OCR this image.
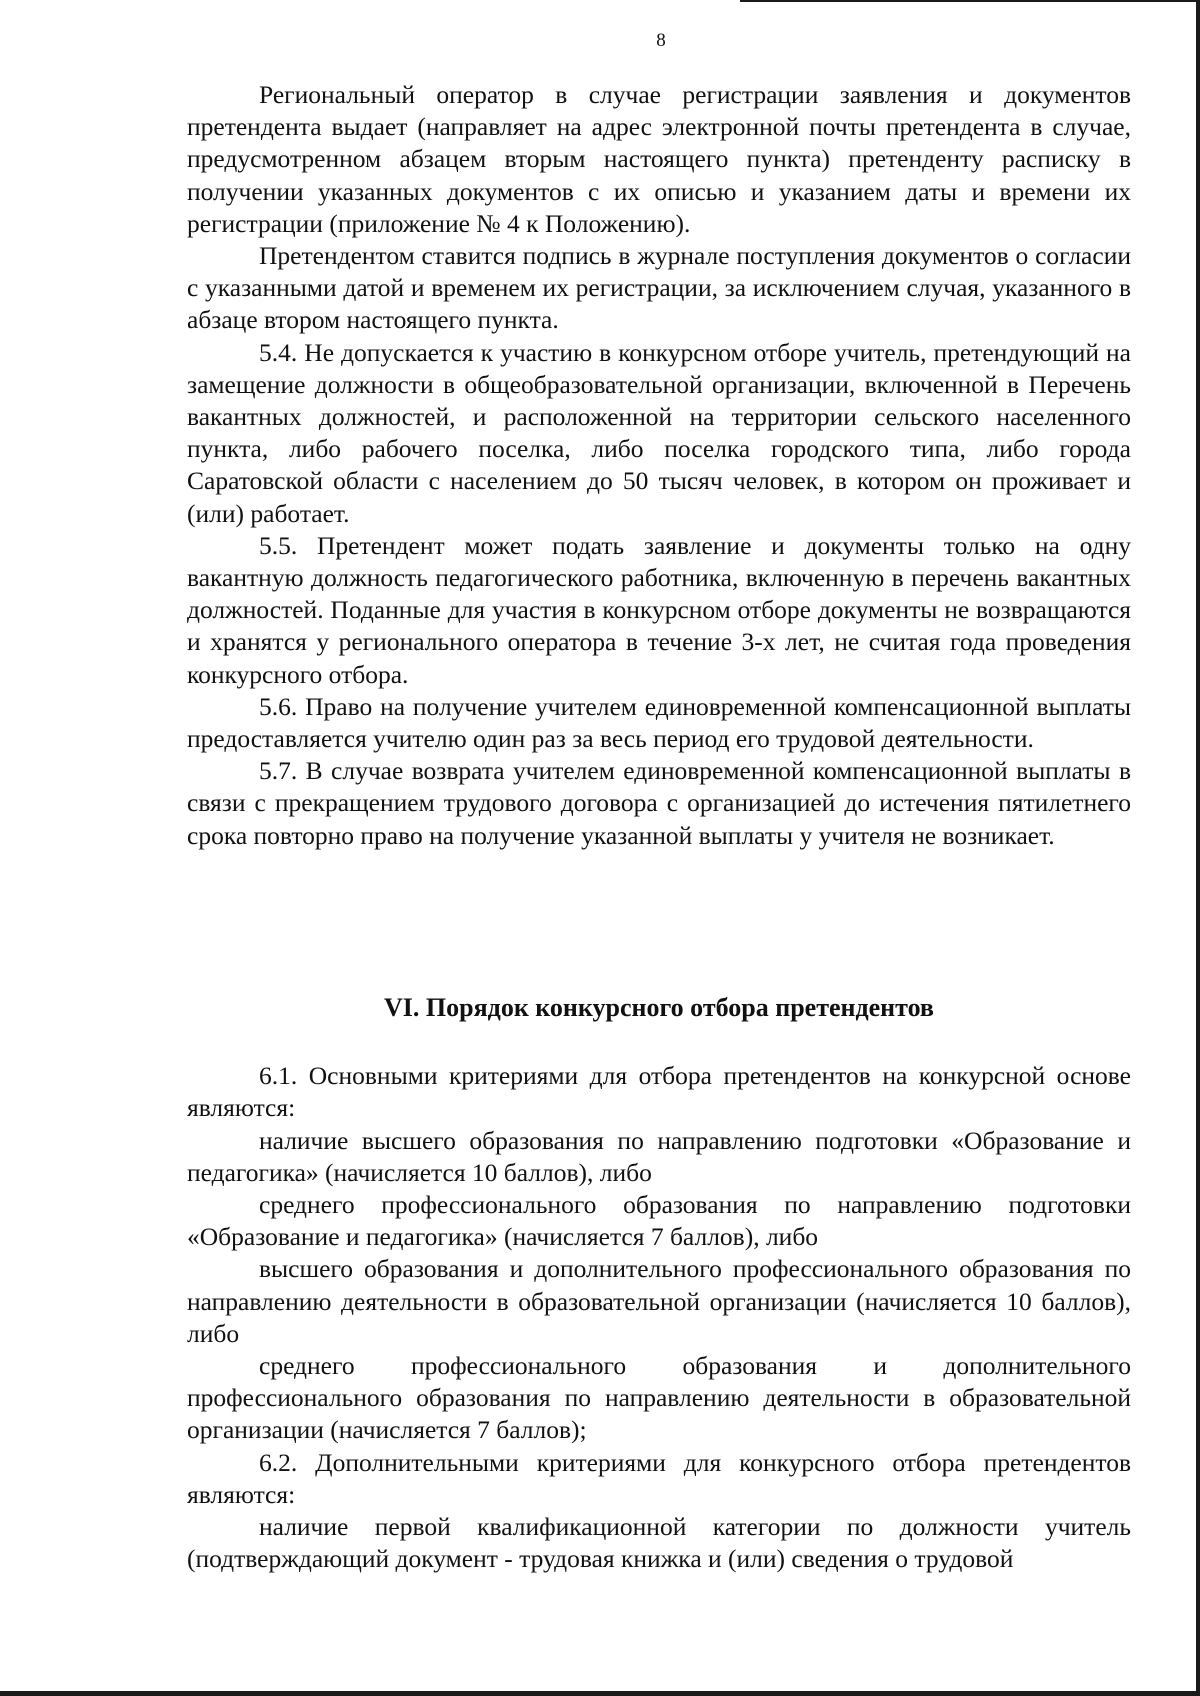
8

Региональный оператор в случае регистрации заявления и документов претендента выдает (направляет на адрес электронной почты претендента в случае, предусмотренном абзацем вторым настоящего пункта) претенденту расписку в получении указанных документов с их описью и указанием даты и времени их регистрации (приложение № 4 к Положению).

Претендентом ставится подпись в журнале поступления документов о согласии с указанными датой и временем их регистрации, за исключением случая, указанного в абзаце втором настоящего пункта.

5.4. Не допускается к участию в конкурсном отборе учитель, претендующий на замещение должности в общеобразовательной организации, включенной в Перечень вакантных должностей, и расположенной на территории сельского населенного пункта, либо рабочего поселка, либо поселка городского типа, либо города Саратовской области с населением до 50 тысяч человек, в котором он проживает и (или) работает.

5.5. Претендент может подать заявление и документы только на одну вакантную должность педагогического работника, включенную в перечень вакантных должностей. Поданные для участия в конкурсном отборе документы не возвращаются и хранятся у регионального оператора в течение 3-х лет, не считая года проведения конкурсного отбора.

5.6. Право на получение учителем единовременной компенсационной выплаты предоставляется учителю один раз за весь период его трудовой деятельности.

5.7. В случае возврата учителем единовременной компенсационной выплаты в связи с прекращением трудового договора с организацией до истечения пятилетнего срока повторно право на получение указанной выплаты у учителя не возникает.

VI. Порядок конкурсного отбора претендентов

6.1. Основными критериями для отбора претендентов на конкурсной основе являются:

наличие высшего образования по направлению подготовки «Образование и педагогика» (начисляется 10 баллов), либо

среднего профессионального образования по направлению подготовки «Образование и педагогика» (начисляется 7 баллов), либо

высшего образования и дополнительного профессионального образования по направлению деятельности в образовательной организации (начисляется 10 баллов), либо

среднего профессионального образования и дополнительного профессионального образования по направлению деятельности в образовательной организации (начисляется 7 баллов);

6.2. Дополнительными критериями для конкурсного отбора претендентов являются:

наличие первой квалификационной категории по должности учитель (подтверждающий документ - трудовая книжка и (или) сведения о трудовой
